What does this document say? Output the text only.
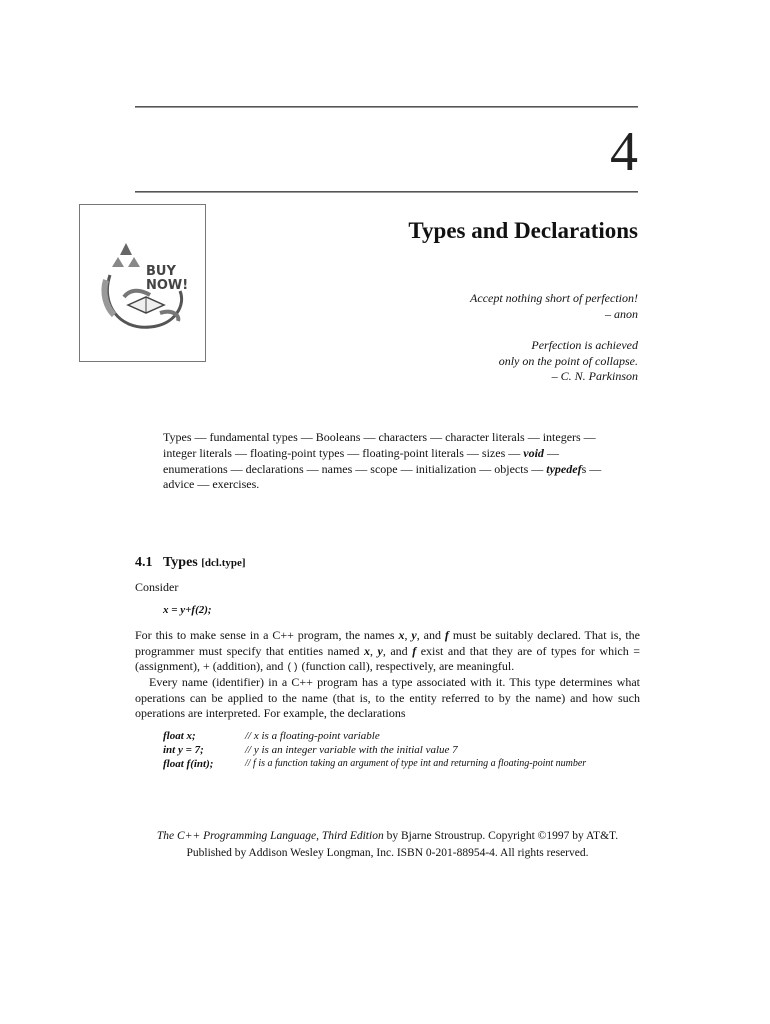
4
BUY
NOW!
Types and Declarations
Accept nothing short of perfection!
– anon
Perfection is achieved
only on the point of collapse.
– C. N. Parkinson
Types — fundamental types — Booleans — characters — character literals — integers — integer literals — floating-point types — floating-point literals — sizes — void — enumerations — declarations — names — scope — initialization — objects — typedefs — advice — exercises.
4.1 Types [dcl.type]
Consider
x = y+f(2);
For this to make sense in a C++ program, the names x, y, and f must be suitably declared. That is, the programmer must specify that entities named x, y, and f exist and that they are of types for which = (assignment), + (addition), and () (function call), respectively, are meaningful.
Every name (identifier) in a C++ program has a type associated with it. This type determines what operations can be applied to the name (that is, to the entity referred to by the name) and how such operations are interpreted. For example, the declarations
float x;	// x is a floating-point variable
int y = 7;	// y is an integer variable with the initial value 7
float f(int);	// f is a function taking an argument of type int and returning a floating-point number
The C++ Programming Language, Third Edition by Bjarne Stroustrup. Copyright ©1997 by AT&T.
Published by Addison Wesley Longman, Inc. ISBN 0-201-88954-4. All rights reserved.
